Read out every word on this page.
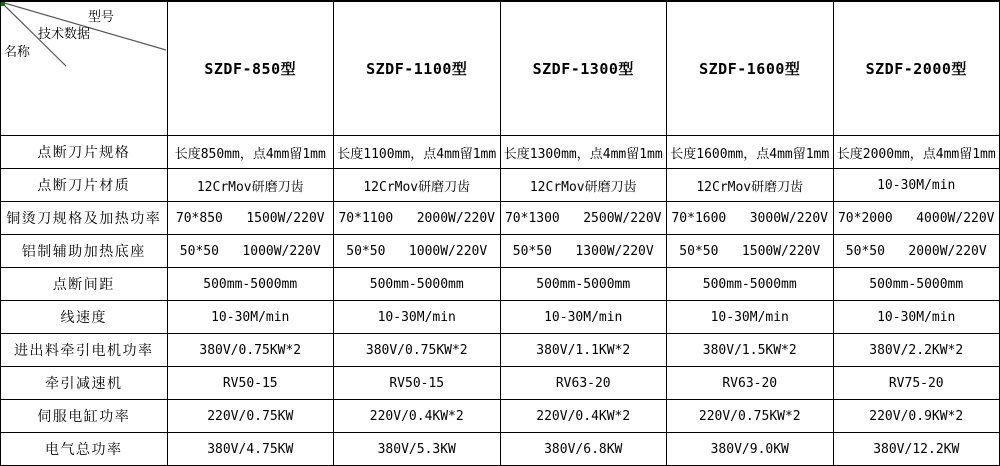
型号

技术数据

名称	SZDF-850型	SZDF-1100型	SZDF-1300型	SZDF-1600型	SZDF-2000型
点断刀片规格	长度850mm，点4mm留1mm	长度1100mm，点4mm留1mm	长度1300mm，点4mm留1mm	长度1600mm，点4mm留1mm	长度2000mm，点4mm留1mm
点断刀片材质	12CrMov研磨刀齿	12CrMov研磨刀齿	12CrMov研磨刀齿	12CrMov研磨刀齿	10-30M/min
铜烫刀规格及加热功率	70*850   1500W/220V	70*1100   2000W/220V	70*1300   2500W/220V	70*1600   3000W/220V	70*2000   4000W/220V
铝制辅助加热底座	50*50   1000W/220V	50*50   1000W/220V	50*50   1300W/220V	50*50   1500W/220V	50*50   2000W/220V
点断间距	500mm-5000mm	500mm-5000mm	500mm-5000mm	500mm-5000mm	500mm-5000mm
线速度	10-30M/min	10-30M/min	10-30M/min	10-30M/min	10-30M/min
进出料牵引电机功率	380V/0.75KW*2	380V/0.75KW*2	380V/1.1KW*2	380V/1.5KW*2	380V/2.2KW*2
牵引减速机	RV50-15	RV50-15	RV63-20	RV63-20	RV75-20
伺服电缸功率	220V/0.75KW	220V/0.4KW*2	220V/0.4KW*2	220V/0.75KW*2	220V/0.9KW*2
电气总功率	380V/4.75KW	380V/5.3KW	380V/6.8KW	380V/9.0KW	380V/12.2KW
